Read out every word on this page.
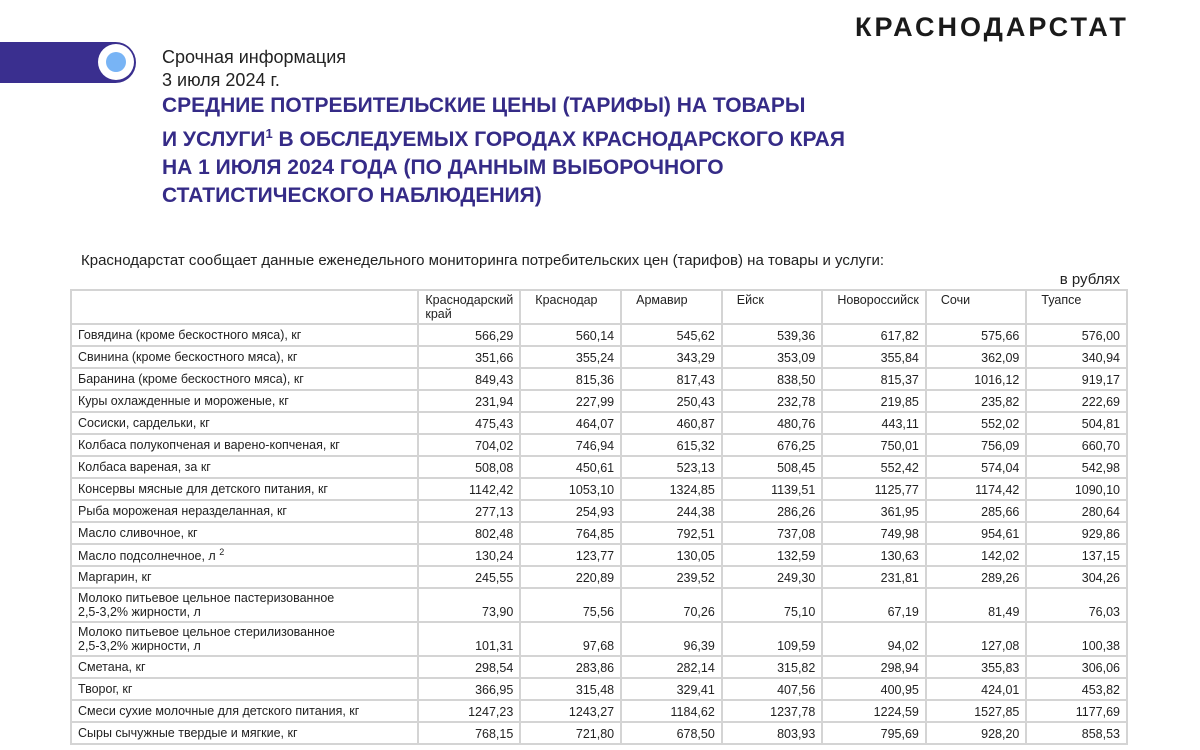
КРАСНОДАРСТАТ
Срочная информация
3 июля 2024 г.
СРЕДНИЕ ПОТРЕБИТЕЛЬСКИЕ ЦЕНЫ (ТАРИФЫ) НА ТОВАРЫ
И УСЛУГИ$^1$ В ОБСЛЕДУЕМЫХ ГОРОДАХ КРАСНОДАРСКОГО КРАЯ
НА 1 ИЮЛЯ 2024 ГОДА (ПО ДАННЫМ ВЫБОРОЧНОГО
СТАТИСТИЧЕСКОГО НАБЛЮДЕНИЯ)
Краснодарстат сообщает данные еженедельного мониторинга потребительских цен (тарифов) на товары и услуги:
в рублях
	Краснодарский край	Краснодар	Армавир	Ейск	Новороссийск	Сочи	Туапсе
Говядина (кроме бескостного мяса), кг	566,29	560,14	545,62	539,36	617,82	575,66	576,00
Свинина (кроме бескостного мяса), кг	351,66	355,24	343,29	353,09	355,84	362,09	340,94
Баранина (кроме бескостного мяса), кг	849,43	815,36	817,43	838,50	815,37	1016,12	919,17
Куры охлажденные и мороженые, кг	231,94	227,99	250,43	232,78	219,85	235,82	222,69
Сосиски, сардельки, кг	475,43	464,07	460,87	480,76	443,11	552,02	504,81
Колбаса полукопченая и варено-копченая, кг	704,02	746,94	615,32	676,25	750,01	756,09	660,70
Колбаса вареная, за кг	508,08	450,61	523,13	508,45	552,42	574,04	542,98
Консервы мясные для детского питания, кг	1142,42	1053,10	1324,85	1139,51	1125,77	1174,42	1090,10
Рыба мороженая неразделанная, кг	277,13	254,93	244,38	286,26	361,95	285,66	280,64
Масло сливочное, кг	802,48	764,85	792,51	737,08	749,98	954,61	929,86
Масло подсолнечное, л $^2$	130,24	123,77	130,05	132,59	130,63	142,02	137,15
Маргарин, кг	245,55	220,89	239,52	249,30	231,81	289,26	304,26
Молоко питьевое цельное пастеризованное
2,5-3,2% жирности, л	73,90	75,56	70,26	75,10	67,19	81,49	76,03
Молоко питьевое цельное стерилизованное
2,5-3,2% жирности, л	101,31	97,68	96,39	109,59	94,02	127,08	100,38
Сметана, кг	298,54	283,86	282,14	315,82	298,94	355,83	306,06
Творог, кг	366,95	315,48	329,41	407,56	400,95	424,01	453,82
Смеси сухие молочные для детского питания, кг	1247,23	1243,27	1184,62	1237,78	1224,59	1527,85	1177,69
Сыры сычужные твердые и мягкие, кг	768,15	721,80	678,50	803,93	795,69	928,20	858,53
